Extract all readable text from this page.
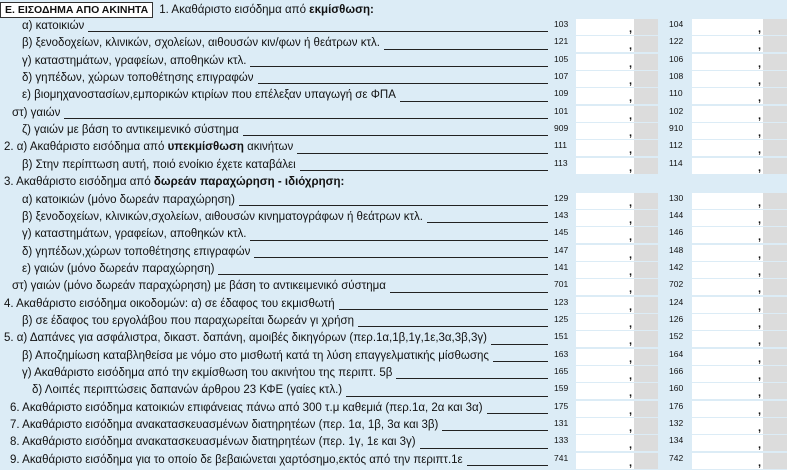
Ε. ΕΙΣΟΔΗΜΑ ΑΠΟ ΑΚΙΝΗΤΑ 1. Ακαθάριστο εισόδημα από εκμίσθωση:
α) κατοικιών	103	,	104	,
β) ξενοδοχείων, κλινικών, σχολείων, αιθουσών κιν/φων ή θεάτρων κτλ.	121	,	122	,
γ) καταστημάτων, γραφείων, αποθηκών κτλ.	105	,	106	,
δ) γηπέδων, χώρων τοποθέτησης επιγραφών	107	,	108	,
ε) βιομηχανοστασίων,εμπορικών κτιρίων που επέλεξαν υπαγωγή σε ΦΠΑ	109	,	110	,
στ) γαιών	101	,	102	,
ζ) γαιών με βάση το αντικειμενικό σύστημα	909	,	910	,
2. α) Ακαθάριστο εισόδημα από υπεκμίσθωση ακινήτων	111	,	112	,
β) Στην περίπτωση αυτή, ποιό ενοίκιο έχετε καταβάλει	113	,	114	,
3. Ακαθάριστο εισόδημα από δωρεάν παραχώρηση - ιδιόχρηση:
α) κατοικιών (μόνο δωρεάν παραχώρηση)	129	,	130	,
β) ξενοδοχείων, κλινικών,σχολείων, αιθουσών κινηματογράφων ή θεάτρων κτλ.	143	,	144	,
γ) καταστημάτων, γραφείων, αποθηκών κτλ.	145	,	146	,
δ) γηπέδων,χώρων τοποθέτησης επιγραφών	147	,	148	,
ε) γαιών (μόνο δωρεάν παραχώρηση)	141	,	142	,
στ) γαιών (μόνο δωρεάν παραχώρηση) με βάση το αντικειμενικό σύστημα	701	,	702	,
4. Ακαθάριστο εισόδημα οικοδομών: α) σε έδαφος του εκμισθωτή	123	,	124	,
β) σε έδαφος του εργολάβου που παραχωρείται δωρεάν γι χρήση	125	,	126	,
5. α) Δαπάνες για ασφάλιστρα, δικαστ. δαπάνη, αμοιβές δικηγόρων (περ.1α,1β,1γ,1ε,3α,3β,3γ)	151	,	152	,
β) Αποζημίωση καταβληθείσα με νόμο στο μισθωτή κατά τη λύση επαγγελματικής μίσθωσης	163	,	164	,
γ) Ακαθάριστο εισόδημα από την εκμίσθωση του ακινήτου της περιπτ. 5β	165	,	166	,
δ) Λοιπές περιπτώσεις δαπανών άρθρου 23 ΚΦΕ (γαίες κτλ.)	159	,	160	,
6. Ακαθάριστο εισόδημα κατοικιών επιφάνειας πάνω από 300 τ.μ καθεμιά (περ.1α, 2α και 3α)	175	,	176	,
7. Ακαθάριστο εισόδημα ανακατασκευασμένων διατηρητέων (περ. 1α, 1β, 3α και 3β)	131	,	132	,
8. Ακαθάριστο εισόδημα ανακατασκευασμένων διατηρητέων (περ. 1γ, 1ε και 3γ)	133	,	134	,
9. Ακαθάριστο εισόδημα για το οποίο δε βεβαιώνεται χαρτόσημο,εκτός από την περιπτ.1ε	741	,	742	,
